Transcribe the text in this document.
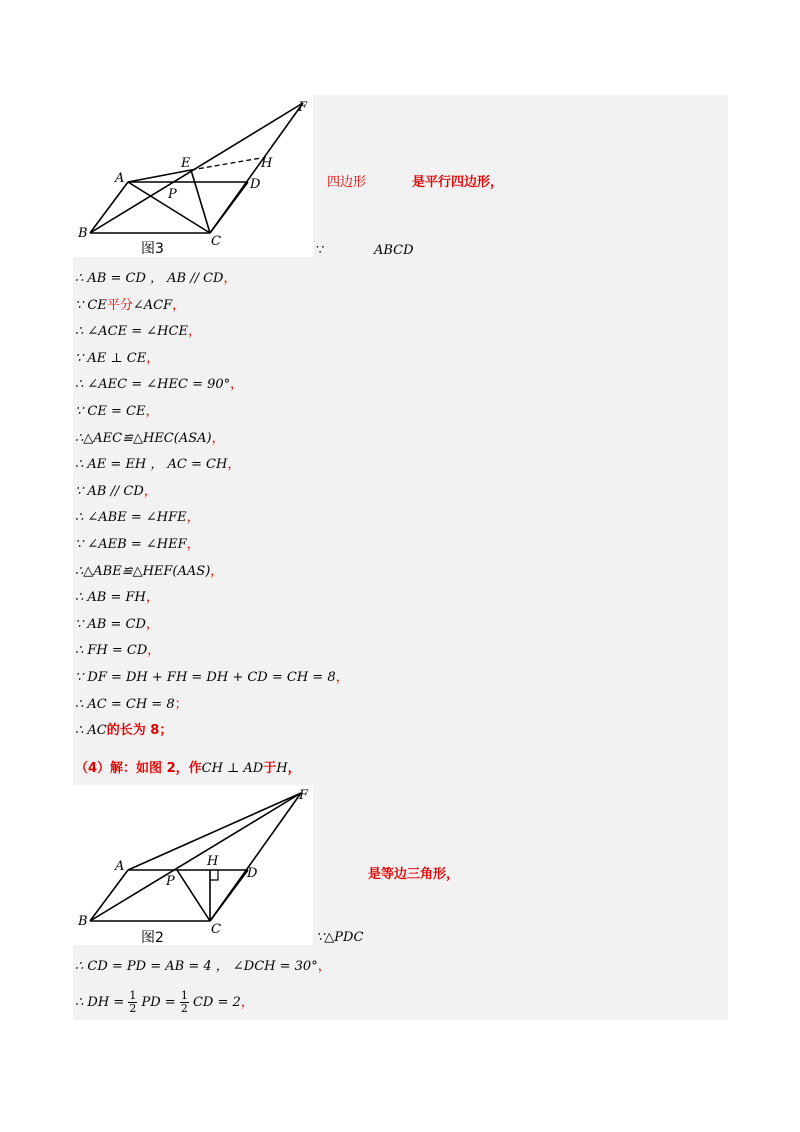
F
H
E
A	D
P
B
C
图3
四边形	是平行四边形，
∵	ABCD
∴ AB = CD ， AB // CD，
∵ CE平分∠ACF，
∴ ∠ACE = ∠HCE，
∵ AE ⊥ CE，
∴ ∠AEC = ∠HEC = 90°，
∵ CE = CE，
∴△AEC≌△HEC(ASA)，
∴ AE = EH ， AC = CH，
∵ AB // CD，
∴ ∠ABE = ∠HFE，
∵ ∠AEB = ∠HEF，
∴△ABE≌△HEF(AAS)，
∴ AB = FH，
∵ AB = CD，
∴ FH = CD，
∵ DF = DH + FH = DH + CD = CH = 8，
∴ AC = CH = 8；
∴ AC的长为 8；
（4）解：如图 2，作CH ⊥ AD于H，
F
A	H
D
P
B
C
图2
是等边三角形，
∵△PDC
∴ CD = PD = AB = 4 ， ∠DCH = 30°，
∴ DH = $\frac{1}{2}$ PD = $\frac{1}{2}$ CD = 2，
